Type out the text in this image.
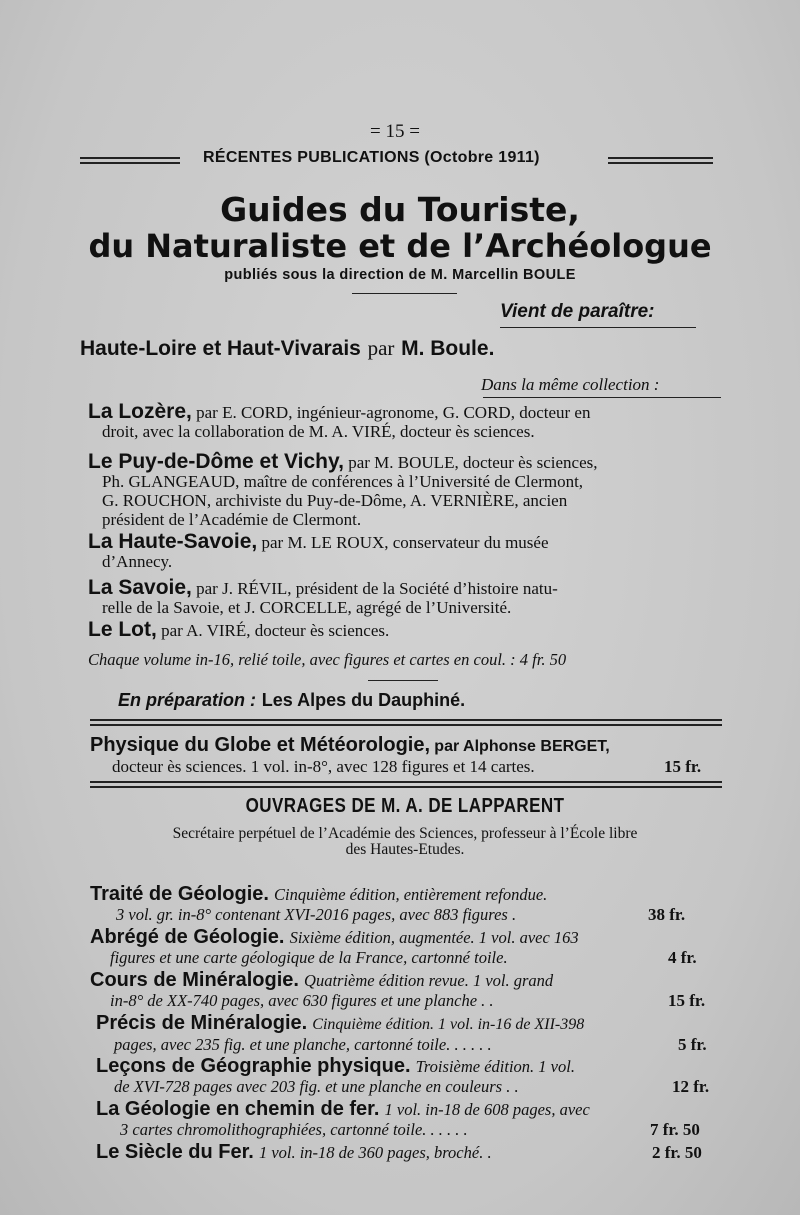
= 15 =
RÉCENTES PUBLICATIONS (Octobre 1911)
Guides du Touriste,
du Naturaliste et de l’Archéologue
publiés sous la direction de M. Marcellin BOULE
Vient de paraître:
Haute-Loire et Haut-Vivarais par M. Boule.
Dans la même collection :
La Lozère, par E. CORD, ingénieur-agronome, G. CORD, docteur en
droit, avec la collaboration de M. A. VIRÉ, docteur ès sciences.
Le Puy-de-Dôme et Vichy, par M. BOULE, docteur ès sciences,
Ph. GLANGEAUD, maître de conférences à l’Université de Clermont,
G. ROUCHON, archiviste du Puy-de-Dôme, A. VERNIÈRE, ancien
président de l’Académie de Clermont.
La Haute-Savoie, par M. LE ROUX, conservateur du musée
d’Annecy.
La Savoie, par J. RÉVIL, président de la Société d’histoire natu-
relle de la Savoie, et J. CORCELLE, agrégé de l’Université.
Le Lot, par A. VIRÉ, docteur ès sciences.
Chaque volume in-16, relié toile, avec figures et cartes en coul. : 4 fr. 50
En préparation : Les Alpes du Dauphiné.
Physique du Globe et Météorologie, par Alphonse BERGET,
docteur ès sciences. 1 vol. in-8°, avec 128 figures et 14 cartes.	15 fr.
OUVRAGES DE M. A. DE LAPPARENT
Secrétaire perpétuel de l’Académie des Sciences, professeur à l’École libre
des Hautes-Etudes.
Traité de Géologie. Cinquième édition, entièrement refondue.
3 vol. gr. in-8° contenant XVI-2016 pages, avec 883 figures .	38 fr.
Abrégé de Géologie. Sixième édition, augmentée. 1 vol. avec 163
figures et une carte géologique de la France, cartonné toile.	4 fr.
Cours de Minéralogie. Quatrième édition revue. 1 vol. grand
in-8° de XX-740 pages, avec 630 figures et une planche . .	15 fr.
Précis de Minéralogie. Cinquième édition. 1 vol. in-16 de XII-398
pages, avec 235 fig. et une planche, cartonné toile. . . . . .	5 fr.
Leçons de Géographie physique. Troisième édition. 1 vol.
de XVI-728 pages avec 203 fig. et une planche en couleurs . .	12 fr.
La Géologie en chemin de fer. 1 vol. in-18 de 608 pages, avec
3 cartes chromolithographiées, cartonné toile. . . . . .	7 fr. 50
Le Siècle du Fer. 1 vol. in-18 de 360 pages, broché. .	2 fr. 50
